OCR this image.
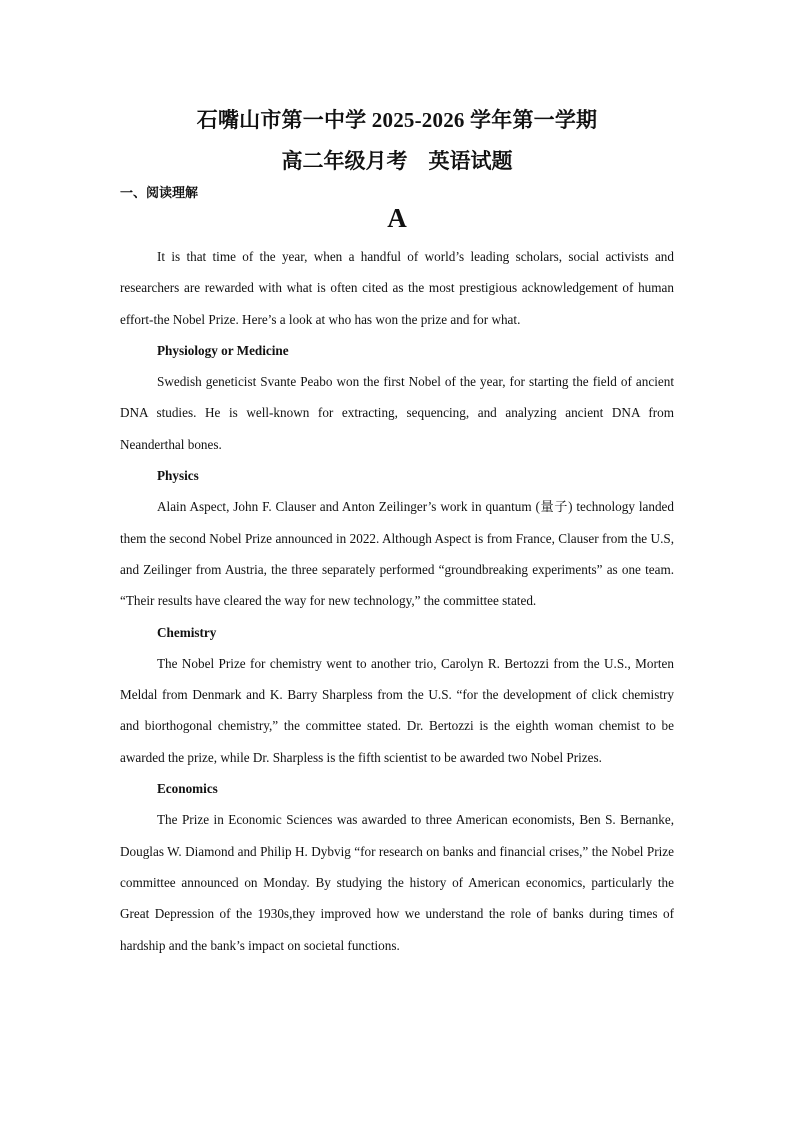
石嘴山市第一中学 2025-2026 学年第一学期
高二年级月考    英语试题
一、阅读理解
A

It is that time of the year, when a handful of world’s leading scholars, social activists and researchers are rewarded with what is often cited as the most prestigious acknowledgement of human effort-the Nobel Prize. Here’s a look at who has won the prize and for what.

Physiology or Medicine

Swedish geneticist Svante Peabo won the first Nobel of the year, for starting the field of ancient DNA studies. He is well-known for extracting, sequencing, and analyzing ancient DNA from Neanderthal bones.

Physics

Alain Aspect, John F. Clauser and Anton Zeilinger’s work in quantum (量子) technology landed them the second Nobel Prize announced in 2022. Although Aspect is from France, Clauser from the U.S, and Zeilinger from Austria, the three separately performed “groundbreaking experiments” as one team. “Their results have cleared the way for new technology,” the committee stated.

Chemistry

The Nobel Prize for chemistry went to another trio, Carolyn R. Bertozzi from the U.S., Morten Meldal from Denmark and K. Barry Sharpless from the U.S. “for the development of click chemistry and biorthogonal chemistry,” the committee stated. Dr. Bertozzi is the eighth woman chemist to be awarded the prize, while Dr. Sharpless is the fifth scientist to be awarded two Nobel Prizes.

Economics

The Prize in Economic Sciences was awarded to three American economists, Ben S. Bernanke, Douglas W. Diamond and Philip H. Dybvig “for research on banks and financial crises,” the Nobel Prize committee announced on Monday. By studying the history of American economics, particularly the Great Depression of the 1930s,they improved how we understand the role of banks during times of hardship and the bank’s impact on societal functions.
